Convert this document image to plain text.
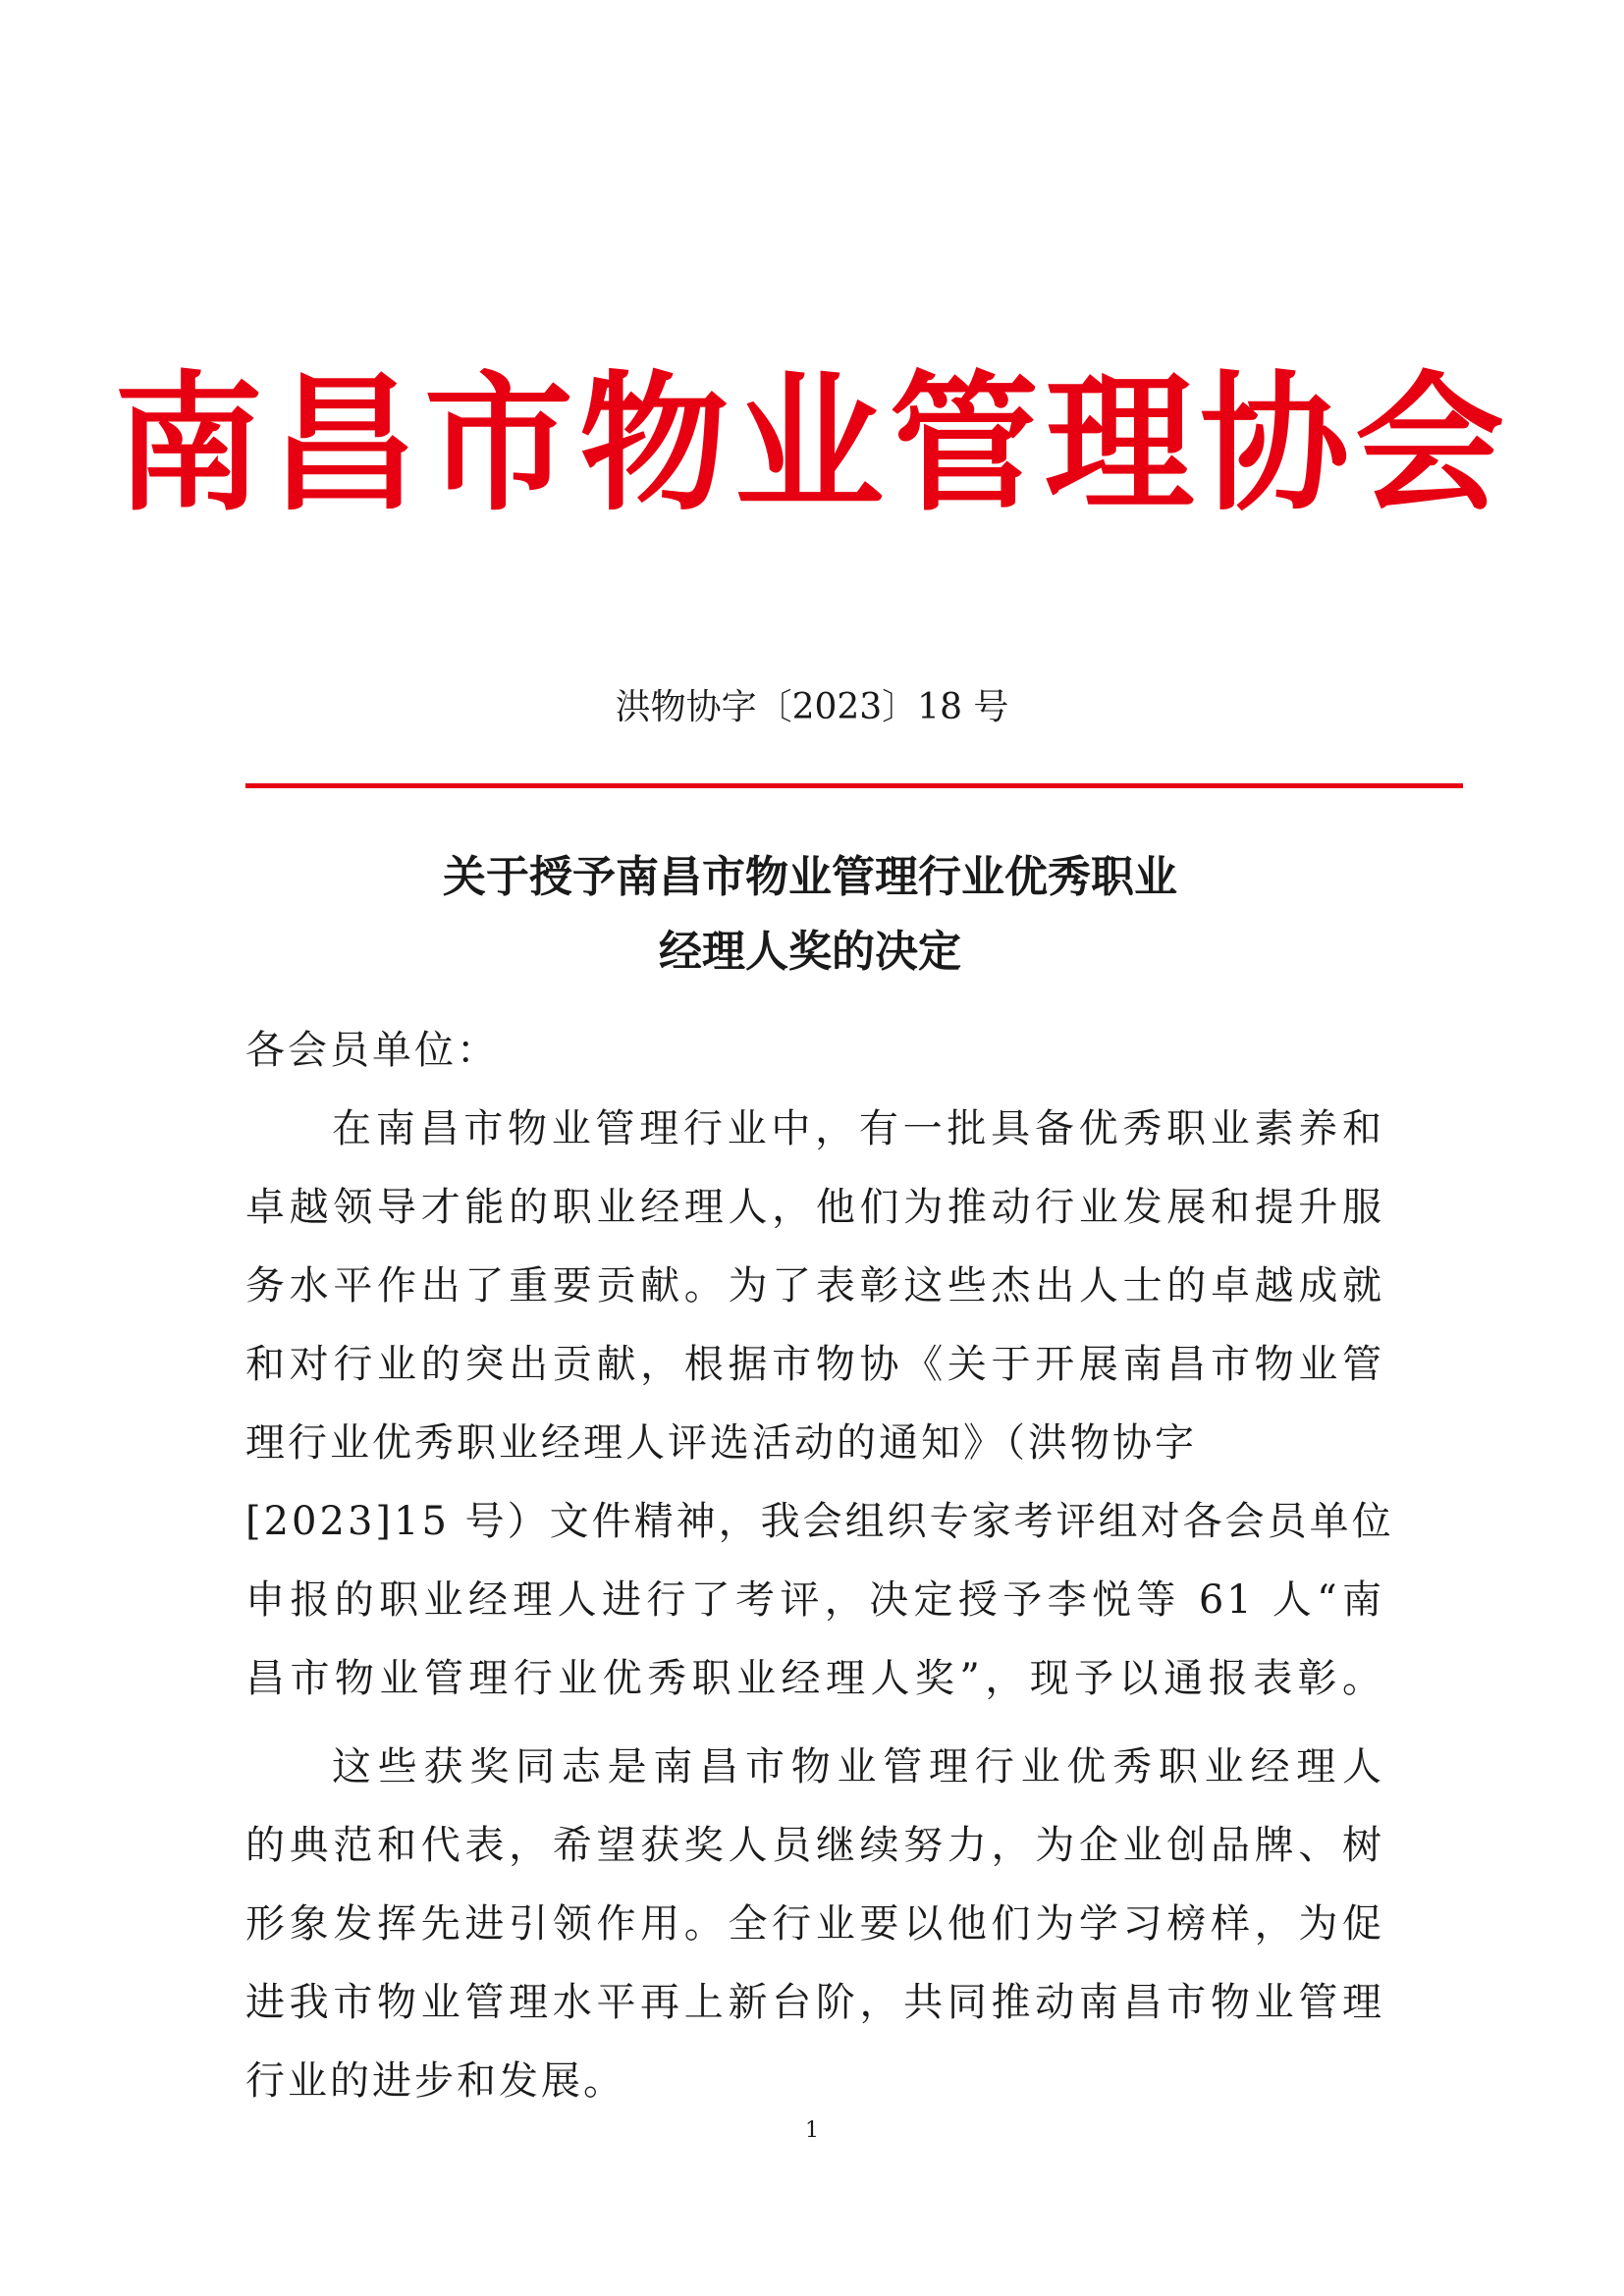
南昌市物业管理协会
洪物协字〔2023〕18 号
关于授予南昌市物业管理行业优秀职业
经理人奖的决定

各会员单位：

在南昌市物业管理行业中，有一批具备优秀职业素养和

卓越领导才能的职业经理人，他们为推动行业发展和提升服

务水平作出了重要贡献。为了表彰这些杰出人士的卓越成就

和对行业的突出贡献，根据市物协《关于开展南昌市物业管

理行业优秀职业经理人评选活动的通知》（洪物协字

[2023]15 号）文件精神，我会组织专家考评组对各会员单位

申报的职业经理人进行了考评，决定授予李悦等 61 人“南

昌市物业管理行业优秀职业经理人奖”，现予以通报表彰。

这些获奖同志是南昌市物业管理行业优秀职业经理人

的典范和代表，希望获奖人员继续努力，为企业创品牌、树

形象发挥先进引领作用。全行业要以他们为学习榜样，为促

进我市物业管理水平再上新台阶，共同推动南昌市物业管理

行业的进步和发展。

1
